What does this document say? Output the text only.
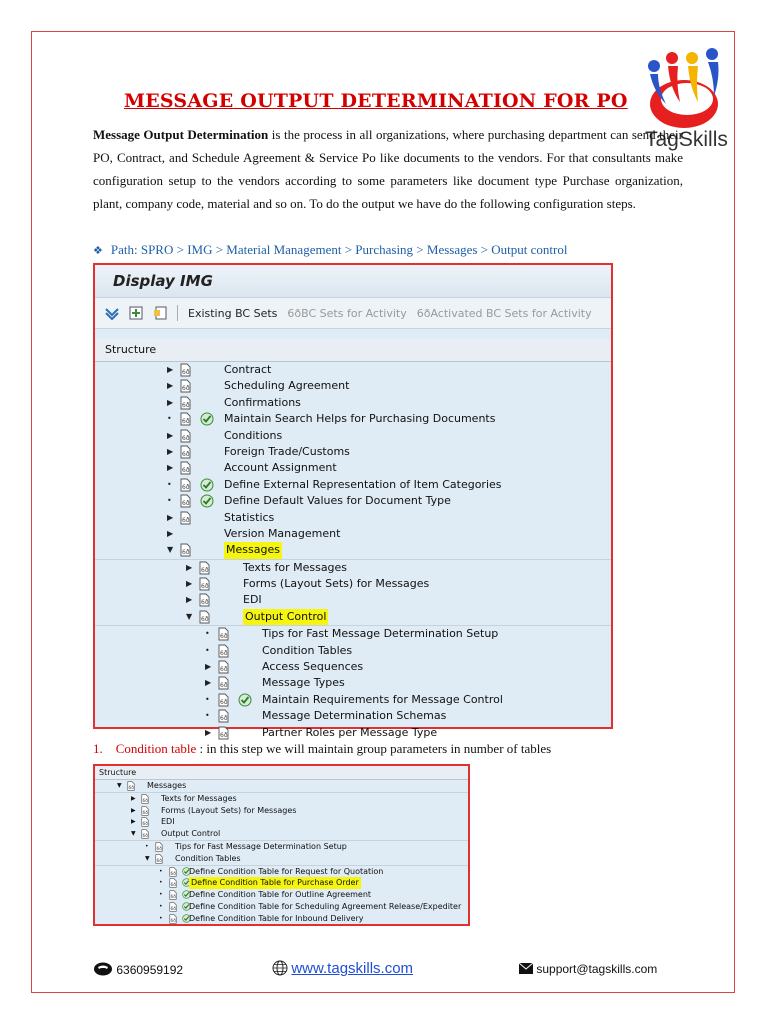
TagSkills
MESSAGE OUTPUT DETERMINATION FOR PO
Message Output Determination is the process in all organizations, where purchasing department can send their PO, Contract, and Schedule Agreement & Service Po like documents to the vendors. For that consultants make configuration setup to the vendors according to some parameters like document type Purchase organization, plant, company code, material and so on. To do the output we have do the following configuration steps.
❖ Path: SPRO > IMG > Material Management > Purchasing > Messages > Output control
Display IMG
Existing BC Sets 6ðBC Sets for Activity 6ðActivated BC Sets for Activity
Structure
▶ 6ð	Contract
▶ 6ð	Scheduling Agreement
▶ 6ð	Confirmations
• 6ð	Maintain Search Helps for Purchasing Documents
▶ 6ð	Conditions
▶ 6ð	Foreign Trade/Customs
▶ 6ð	Account Assignment
• 6ð	Define External Representation of Item Categories
• 6ð	Define Default Values for Document Type
▶ 6ð	Statistics
▶	Version Management
▼ 6ð	Messages
▶ 6ð	Texts for Messages
▶ 6ð	Forms (Layout Sets) for Messages
▶ 6ð	EDI
▼ 6ð	Output Control
• 6ð	Tips for Fast Message Determination Setup
• 6ð	Condition Tables
▶ 6ð	Access Sequences
▶ 6ð	Message Types
• 6ð	Maintain Requirements for Message Control
• 6ð	Message Determination Schemas
▶ 6ð	Partner Roles per Message Type
1. Condition table : in this step we will maintain group parameters in number of tables
Structure
▼ 6ð Messages
▶ 6ð Texts for Messages
▶ 6ð Forms (Layout Sets) for Messages
▶ 6ð EDI
▼ 6ð Output Control
• 6ð Tips for Fast Message Determination Setup
▼ 6ð Condition Tables
• 6ð Define Condition Table for Request for Quotation
• 6ð Define Condition Table for Purchase Order
• 6ð Define Condition Table for Outline Agreement
• 6ð Define Condition Table for Scheduling Agreement Release/Expediter
• 6ð Define Condition Table for Inbound Delivery
6360959192	www.tagskills.com	support@tagskills.com
